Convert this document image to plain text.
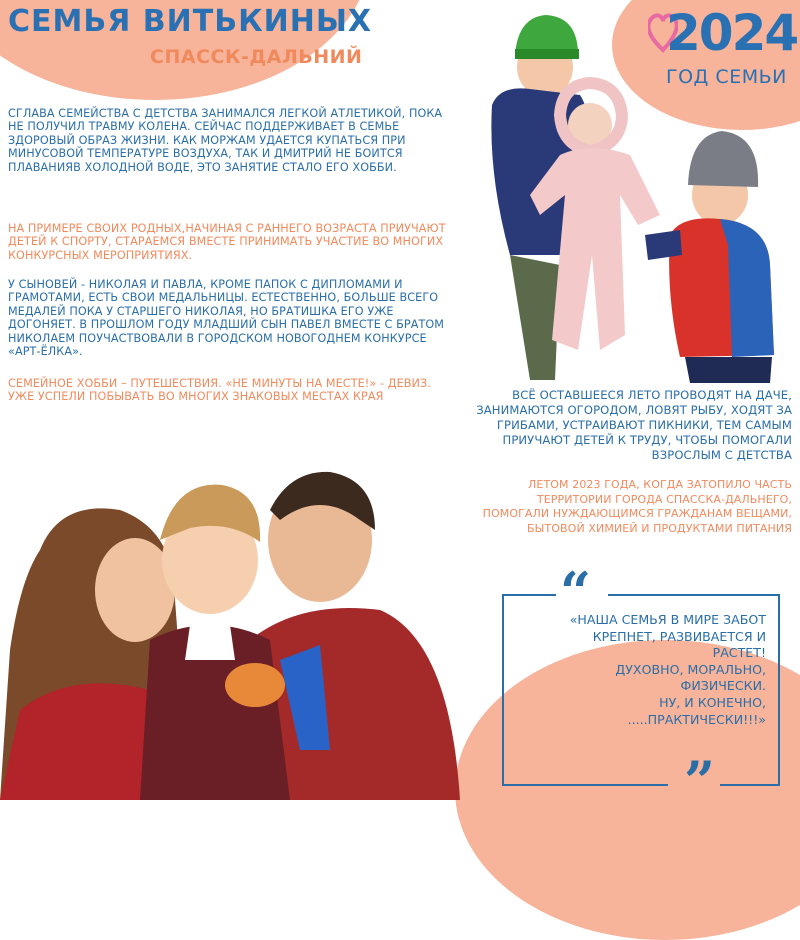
СЕМЬЯ ВИТЬКИНЫХ
СПАССК-ДАЛЬНИЙ	2024
ГОД СЕМЬИ

СГЛАВА СЕМЕЙСТВА С ДЕТСТВА ЗАНИМАЛСЯ ЛЕГКОЙ АТЛЕТИКОЙ, ПОКА НЕ ПОЛУЧИЛ ТРАВМУ КОЛЕНА. СЕЙЧАС ПОДДЕРЖИВАЕТ В СЕМЬЕ ЗДОРОВЫЙ ОБРАЗ ЖИЗНИ. КАК МОРЖАМ УДАЕТСЯ КУПАТЬСЯ ПРИ МИНУСОВОЙ ТЕМПЕРАТУРЕ ВОЗДУХА, ТАК И ДМИТРИЙ НЕ БОИТСЯ ПЛАВАНИЯВ ХОЛОДНОЙ ВОДЕ, ЭТО ЗАНЯТИЕ СТАЛО ЕГО ХОББИ.

НА ПРИМЕРЕ СВОИХ РОДНЫХ,НАЧИНАЯ С РАННЕГО ВОЗРАСТА ПРИУЧАЮТ ДЕТЕЙ К СПОРТУ, СТАРАЕМСЯ ВМЕСТЕ ПРИНИМАТЬ УЧАСТИЕ ВО МНОГИХ КОНКУРСНЫХ МЕРОПРИЯТИЯХ.

У СЫНОВЕЙ - НИКОЛАЯ И ПАВЛА, КРОМЕ ПАПОК С ДИПЛОМАМИ И ГРАМОТАМИ, ЕСТЬ СВОИ МЕДАЛЬНИЦЫ. ЕСТЕСТВЕННО, БОЛЬШЕ ВСЕГО МЕДАЛЕЙ ПОКА У СТАРШЕГО НИКОЛАЯ, НО БРАТИШКА ЕГО УЖЕ ДОГОНЯЕТ. В ПРОШЛОМ ГОДУ МЛАДШИЙ СЫН ПАВЕЛ ВМЕСТЕ С БРАТОМ НИКОЛАЕМ ПОУЧАСТВОВАЛИ В ГОРОДСКОМ НОВОГОДНЕМ КОНКУРСЕ «АРТ-ЁЛКА».

СЕМЕЙНОЕ ХОББИ – ПУТЕШЕСТВИЯ. «НЕ МИНУТЫ НА МЕСТЕ!» - ДЕВИЗ. УЖЕ УСПЕЛИ ПОБЫВАТЬ ВО МНОГИХ ЗНАКОВЫХ МЕСТАХ КРАЯ	ВСЁ ОСТАВШЕЕСЯ ЛЕТО ПРОВОДЯТ НА ДАЧЕ, ЗАНИМАЮТСЯ ОГОРОДОМ, ЛОВЯТ РЫБУ, ХОДЯТ ЗА ГРИБАМИ, УСТРАИВАЮТ ПИКНИКИ, ТЕМ САМЫМ ПРИУЧАЮТ ДЕТЕЙ К ТРУДУ, ЧТОБЫ ПОМОГАЛИ ВЗРОСЛЫМ С ДЕТСТВА

ЛЕТОМ 2023 ГОДА, КОГДА ЗАТОПИЛО ЧАСТЬ ТЕРРИТОРИИ ГОРОДА СПАССКА-ДАЛЬНЕГО, ПОМОГАЛИ НУЖДАЮЩИМСЯ ГРАЖДАНАМ ВЕЩАМИ, БЫТОВОЙ ХИМИЕЙ И ПРОДУКТАМИ ПИТАНИЯ

“
”
«НАША СЕМЬЯ В МИРЕ ЗАБОТ
КРЕПНЕТ, РАЗВИВАЕТСЯ И
РАСТЕТ!
ДУХОВНО, МОРАЛЬНО,
ФИЗИЧЕСКИ.
НУ, И КОНЕЧНО,
.....ПРАКТИЧЕСКИ!!!»
